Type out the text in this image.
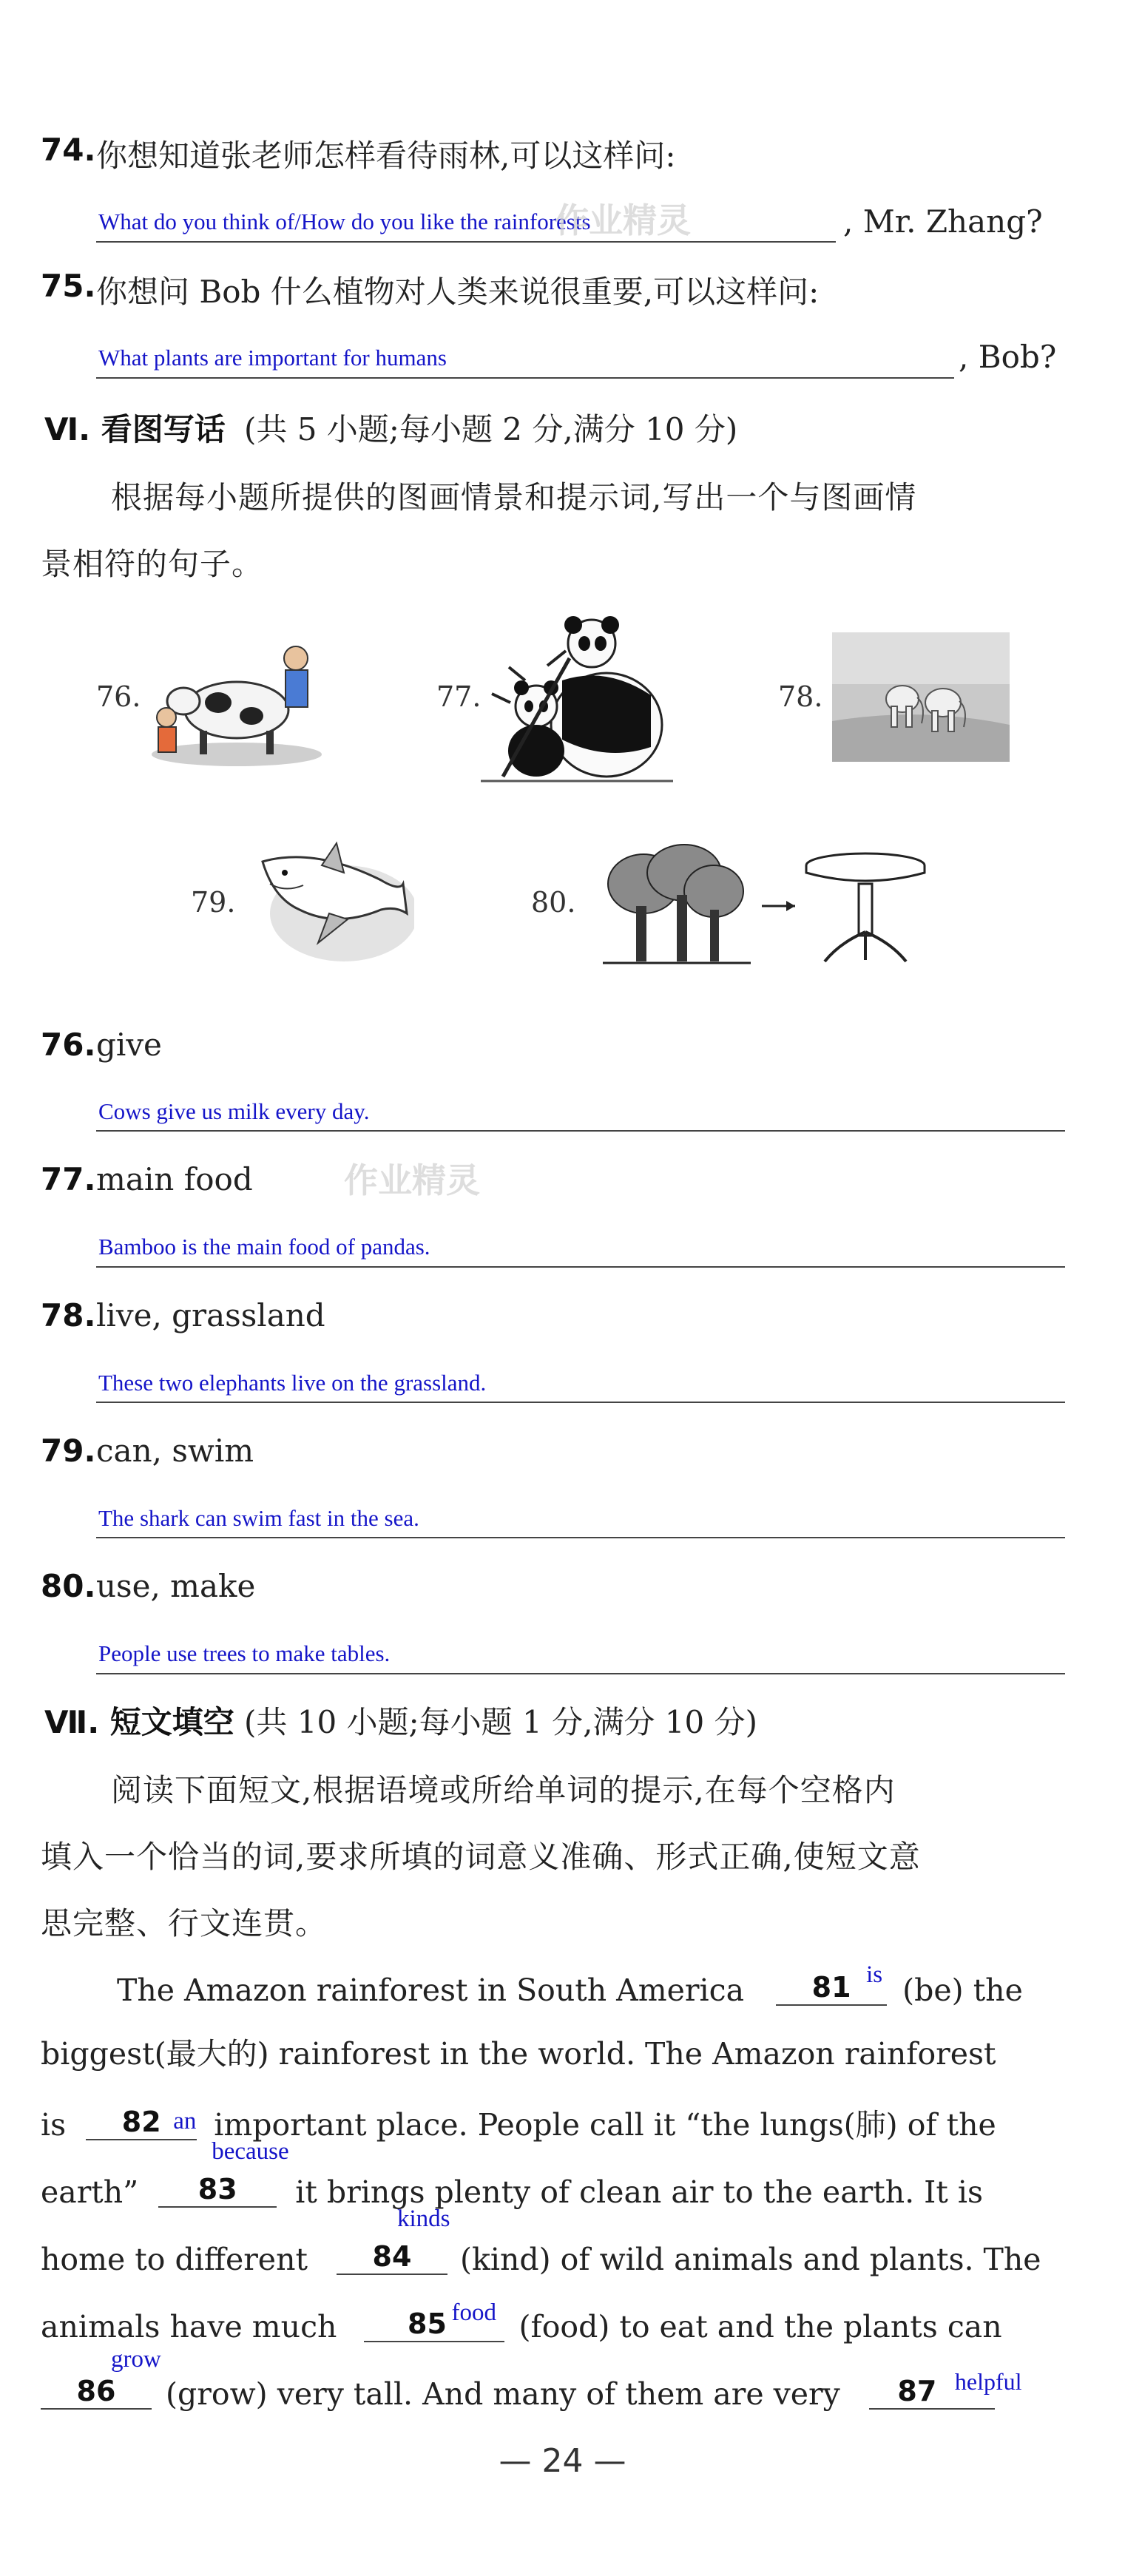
74. 你想知道张老师怎样看待雨林,可以这样问:
What do you think of/How do you like the rainforests	, Mr. Zhang?
作业精灵
75. 你想问 Bob 什么植物对人类来说很重要,可以这样问:
What plants are important for humans	, Bob?
Ⅵ. 看图写话 (共 5 小题;每小题 2 分,满分 10 分)
根据每小题所提供的图画情景和提示词,写出一个与图画情
景相符的句子。
76.	77.	78.
79.	80.
76. give
Cows give us milk every day.
77. main food	作业精灵
Bamboo is the main food of pandas.
78. live, grassland
These two elephants live on the grassland.
79. can, swim
The shark can swim fast in the sea.
80. use, make
People use trees to make tables.
Ⅶ. 短文填空 (共 10 小题;每小题 1 分,满分 10 分)
阅读下面短文,根据语境或所给单词的提示,在每个空格内
填入一个恰当的词,要求所填的词意义准确、形式正确,使短文意
思完整、行文连贯。
The Amazon rainforest in South America 81 is (be) the
biggest(最大的) rainforest in the world. The Amazon rainforest
is 82 an important place. People call it “the lungs(肺) of the
earth” 83
because
it brings plenty of clean air to the earth. It is
home to different 84
kinds
(kind) of wild animals and plants. The
animals have much	85 food (food) to eat and the plants can
86
grow
(grow) very tall. And many of them are very 87 helpful
— 24 —
